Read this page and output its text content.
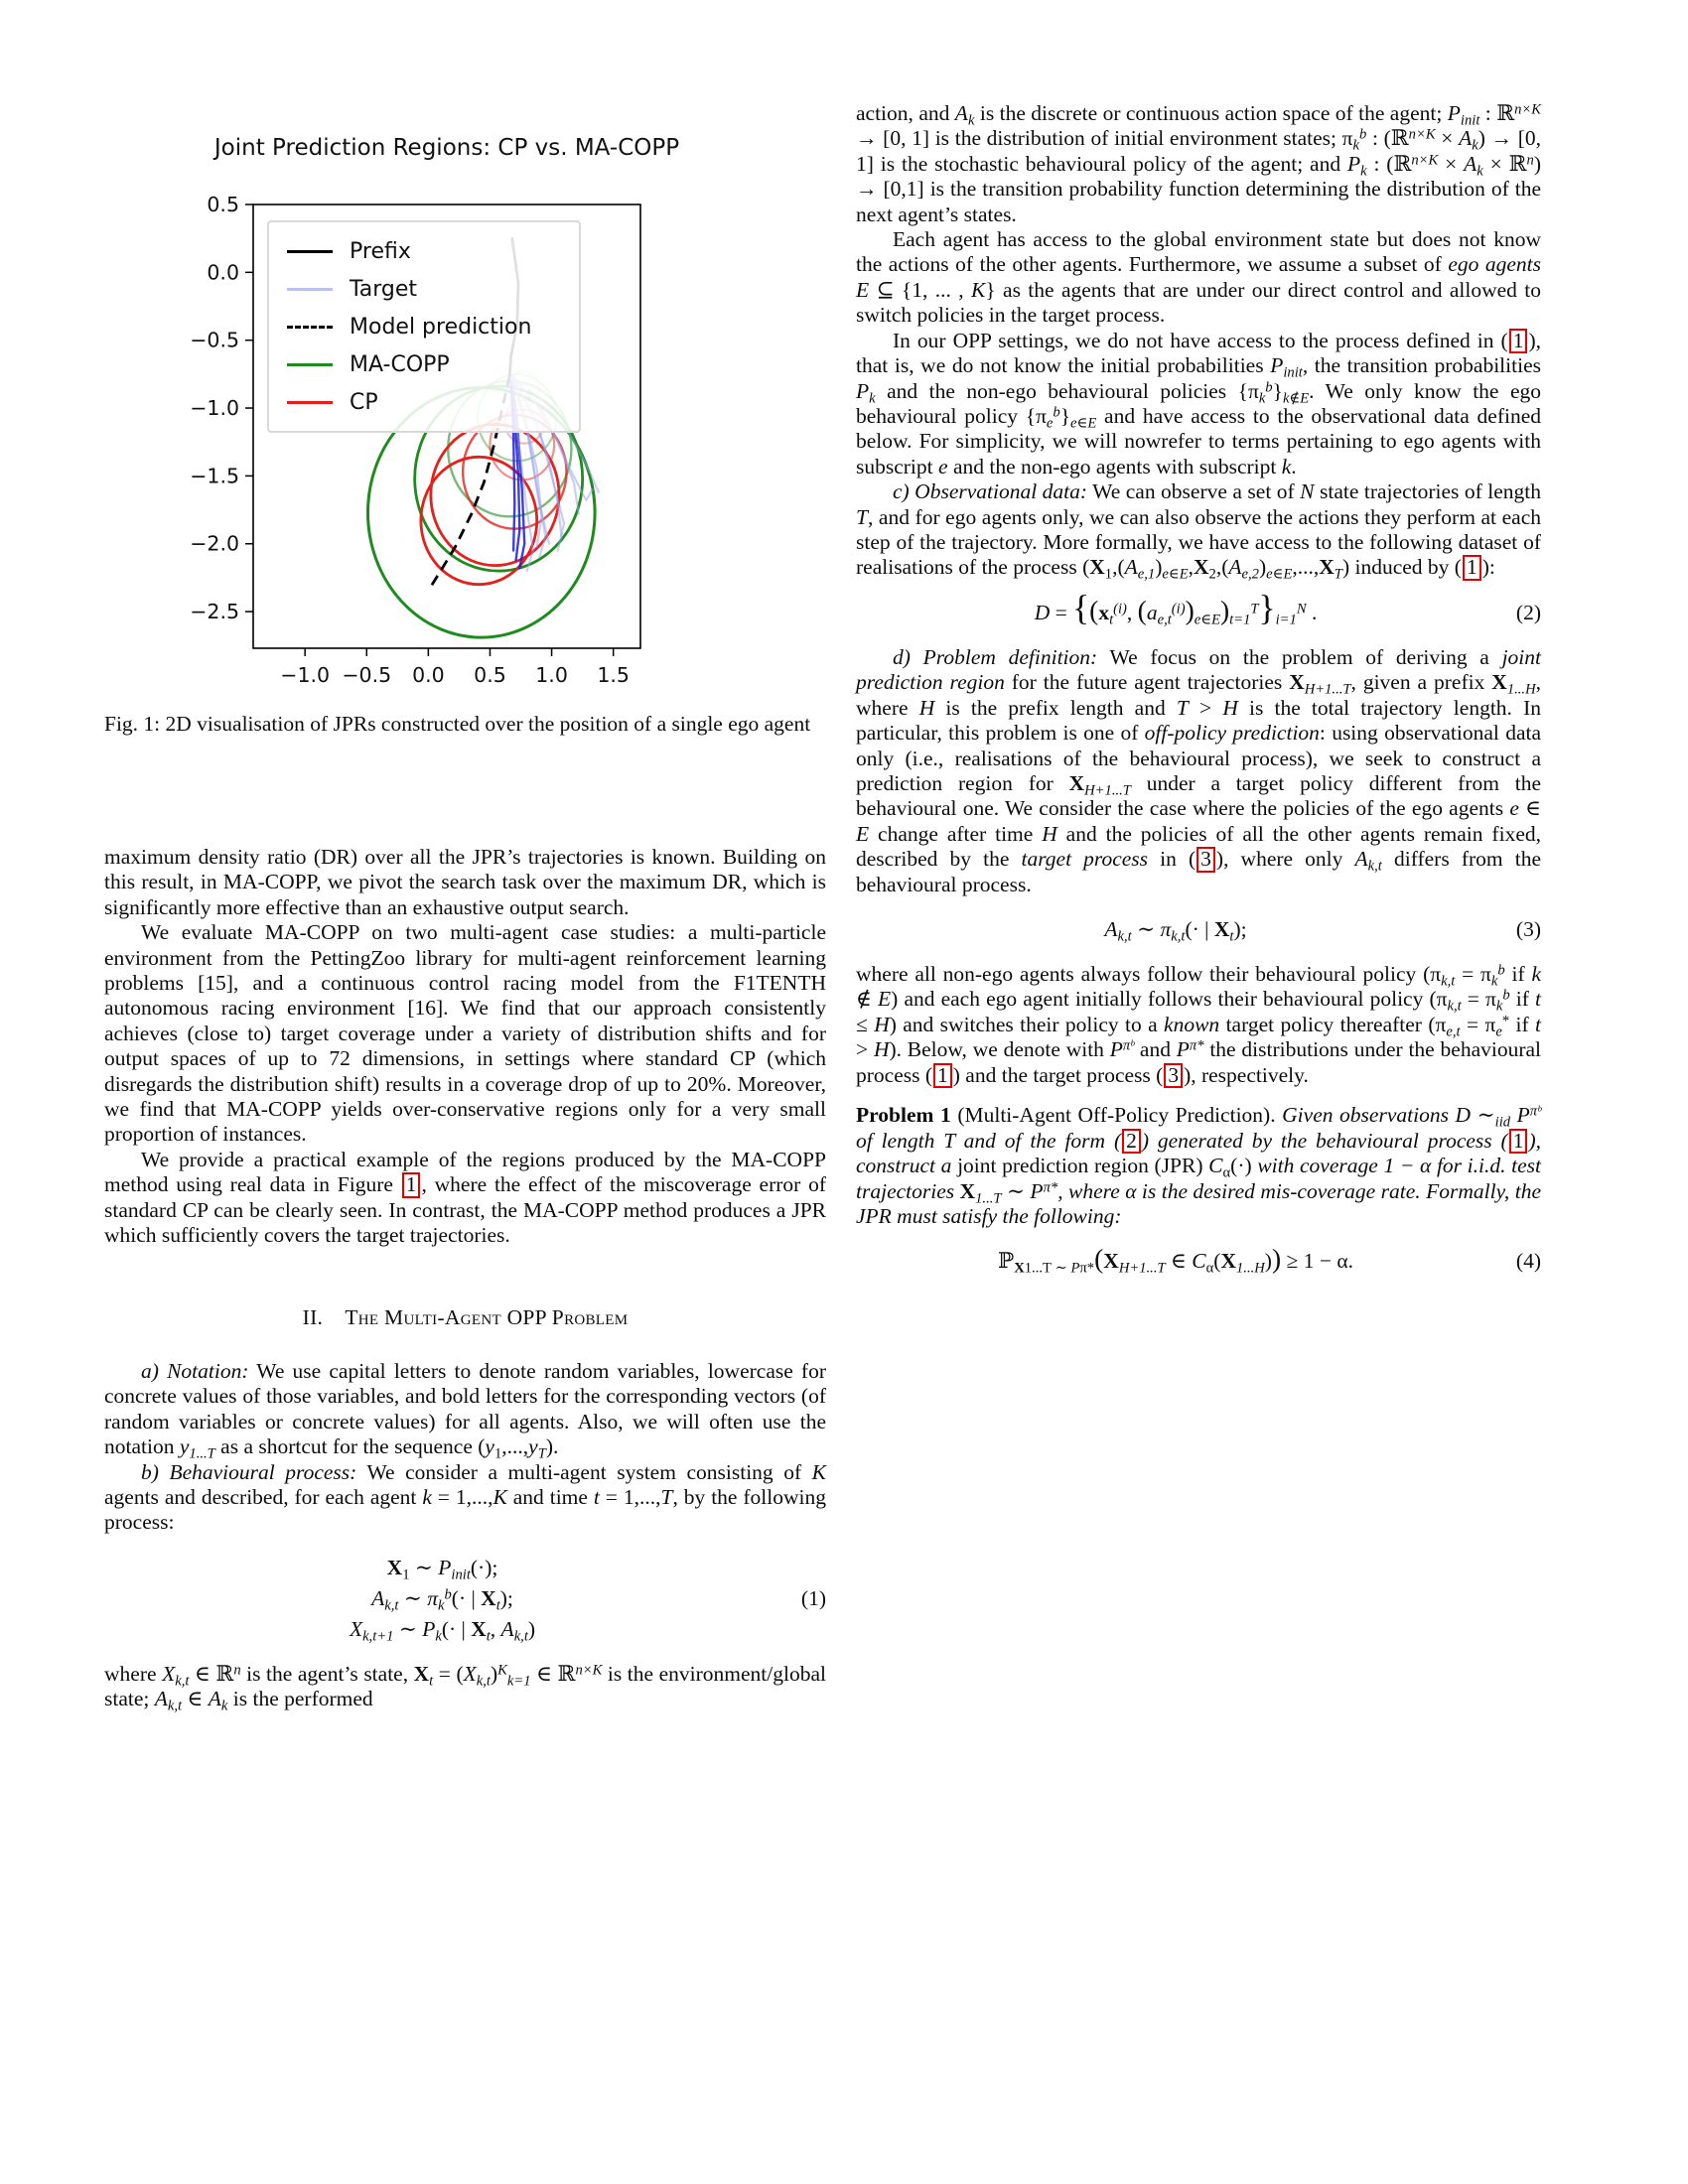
Joint Prediction Regions: CP vs. MA-COPP
−1.0 −0.5 0.0 0.5 1.0 1.5
0.5
0.0
−0.5
−1.0
−1.5
−2.0
−2.5
Prefix
Target
Model prediction
MA-COPP
CP
Fig. 1: 2D visualisation of JPRs constructed over the position of a single ego agent

maximum density ratio (DR) over all the JPR’s trajectories is known. Building on this result, in MA-COPP, we pivot the search task over the maximum DR, which is significantly more effective than an exhaustive output search.

We evaluate MA-COPP on two multi-agent case studies: a multi-particle environment from the PettingZoo library for multi-agent reinforcement learning problems [15], and a continuous control racing model from the F1TENTH autonomous racing environment [16]. We find that our approach consistently achieves (close to) target coverage under a variety of distribution shifts and for output spaces of up to 72 dimensions, in settings where standard CP (which disregards the distribution shift) results in a coverage drop of up to 20%. Moreover, we find that MA-COPP yields over-conservative regions only for a very small proportion of instances.

We provide a practical example of the regions produced by the MA-COPP method using real data in Figure 1 , where the effect of the miscoverage error of standard CP can be clearly seen. In contrast, the MA-COPP method produces a JPR which sufficiently covers the target trajectories.

II.   The Multi-Agent OPP Problem

a) Notation: We use capital letters to denote random variables, lowercase for concrete values of those variables, and bold letters for the corresponding vectors (of random variables or concrete values) for all agents. Also, we will often use the notation $y_{1...T}$ as a shortcut for the sequence $(y_1,...,y_T)$.

b) Behavioural process: We consider a multi-agent system consisting of K agents and described, for each agent k = 1,...,K and time t = 1,...,T, by the following process:

$X_1$ ∼ $P_{init}(\cdot)$;
$A_{k,t}$ ∼ $\pi_k^b(\cdot$ | $X_t$);
$X_{k,t+1}$ ∼ $P_k(\cdot$ | $X_t$, $A_{k,t}$)
(1)

where $X_{k,t}$ ∈ ℝ$^n$ is the agent’s state, $X_t = (X_{k,t})^K_{k=1}$ ∈ ℝ$^{n\times K}$ is the environment/global state; $A_{k,t}$ ∈ $A_k$ is the performed

action, and $A_k$ is the discrete or continuous action space of the agent; $P_{init}$ : ℝ$^{n\times K}$ → [0, 1] is the distribution of initial environment states; $\pi_k^b$ : (ℝ$^{n\times K}$ × $A_k) \to [0$, 1] is the stochastic behavioural policy of the agent; and $P_k$ : (ℝ$^{n\times K}$ × $A_k$ × ℝ$^n$) → [0,1] is the transition probability function determining the distribution of the next agent’s states.

Each agent has access to the global environment state but does not know the actions of the other agents. Furthermore, we assume a subset of ego agents E ⊆ {1, ... , K} as the agents that are under our direct control and allowed to switch policies in the target process.

In our OPP settings, we do not have access to the process defined in ( 1 ), that is, we do not know the initial probabilities $P_{init}$, the transition probabilities $P_k$ and the non-ego behavioural policies $\{\pi_k^b\}_{k\notin E}$. We only know the ego behavioural policy $\{\pi_e^b\}_{e\in E}$ and have access to the observational data defined below. For simplicity, we will nowrefer to terms pertaining to ego agents with subscript e and the non-ego agents with subscript k.

c) Observational data: We can observe a set of N state trajectories of length T, and for ego agents only, we can also observe the actions they perform at each step of the trajectory. More formally, we have access to the following dataset of realisations of the process $(X_1,(A_{e,1})_{e\in E},X_2,(A_{e,2})_{e\in E},...,X_T)$ induced by ( 1 ):

$D = \{(x_t^{(i)}$, $(a_{e,t}^{(i)})_{e\in E})_{t=1}^T\}_{i=1}^N$ .	(2)

d) Problem definition: We focus on the problem of deriving a joint prediction region for the future agent trajectories $X_{H+1...T}$, given a prefix $X_{1...H}$, where H is the prefix length and T > H is the total trajectory length. In particular, this problem is one of off-policy prediction: using observational data only (i.e., realisations of the behavioural process), we seek to construct a prediction region for $X_{H+1...T}$ under a target policy different from the behavioural one. We consider the case where the policies of the ego agents e ∈ E change after time H and the policies of all the other agents remain fixed, described by the target process in ( 3 ), where only $A_{k,t}$ differs from the behavioural process.

$A_{k,t}$ ∼ $\pi_{k,t}(\cdot$ | $X_t$);	(3)

where all non-ego agents always follow their behavioural policy ($\pi_{k,t} = \pi_k^b$ if k ∉ E) and each ego agent initially follows their behavioural policy ($\pi_{k,t} = \pi_k^b$ if t ≤ H) and switches their policy to a known target policy thereafter ($\pi_{e,t} = \pi_e^*$ if t > H). Below, we denote with $P^{\pi ᵇ}$ and $P^{\pi*}$ the distributions under the behavioural process ( 1 ) and the target process ( 3 ), respectively.

Problem 1 (Multi-Agent Off-Policy Prediction). Given observations D $\sim_{iid}$ $P^{\pi ᵇ}$ of length T and of the form ( 2 ) generated by the behavioural process ( 1 ), construct a joint prediction region (JPR) $C_\alpha(\cdot)$ with coverage 1 − α for i.i.d. test trajectories $X_{1...T}$ ∼ $P^{\pi*}$, where α is the desired mis-coverage rate. Formally, the JPR must satisfy the following:
ℙ$_{X1...T}$ $_\sim$ $_{P\pi*}(X_{H+1...T}$ ∈ $C_\alpha(X_{1...H})) \ge 1 - \alpha$.	(4)
